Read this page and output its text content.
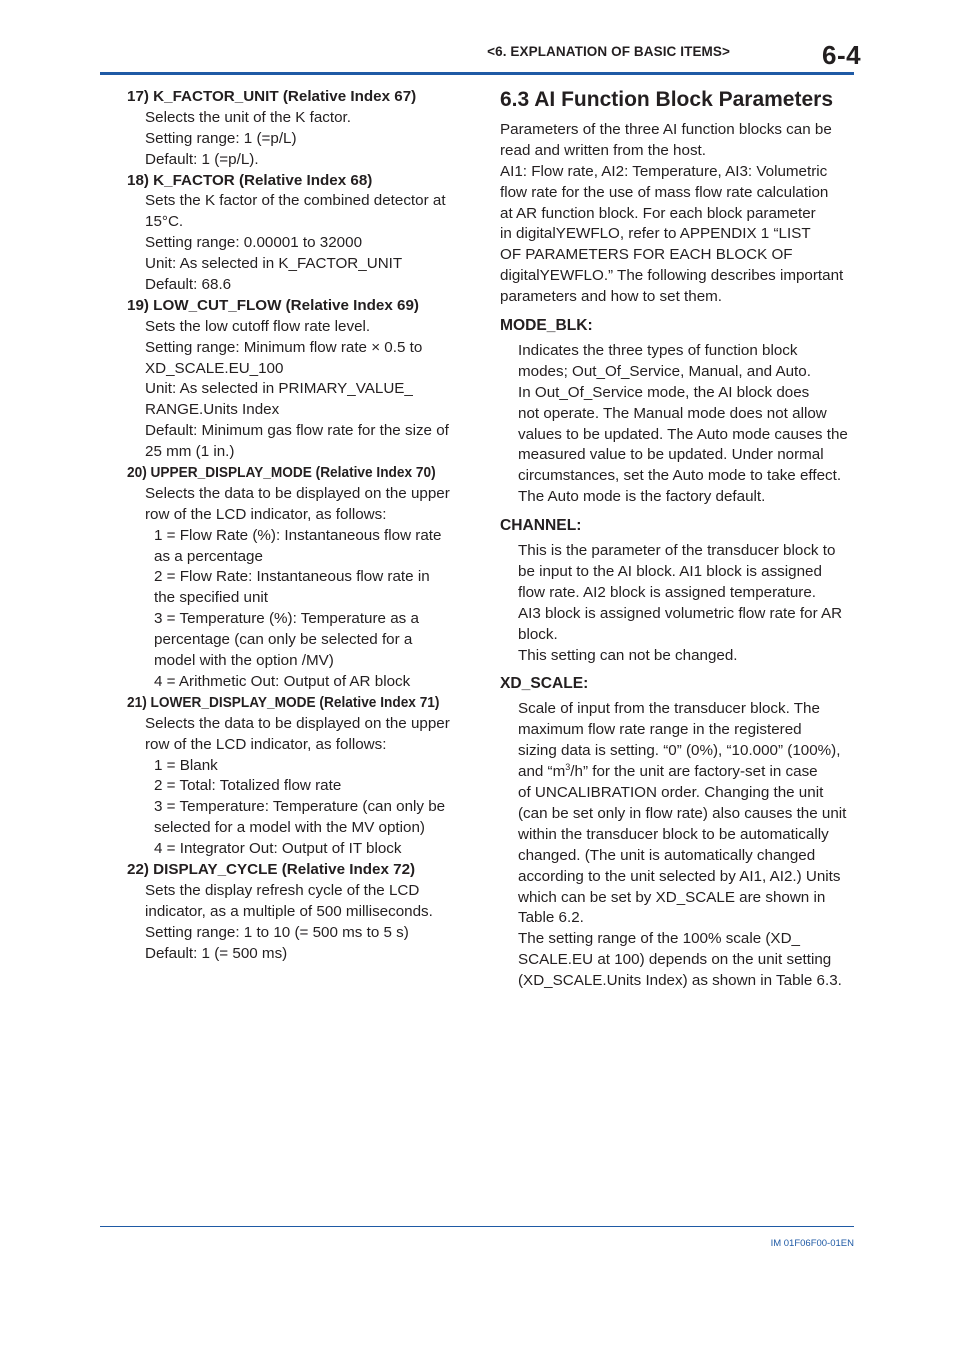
<6. EXPLANATION OF BASIC ITEMS>	6-4
17) K_FACTOR_UNIT (Relative Index 67)
Selects the unit of the K factor.
Setting range: 1 (=p/L)
Default: 1 (=p/L).
18) K_FACTOR (Relative Index 68)
Sets the K factor of the combined detector at
15°C.
Setting range: 0.00001 to 32000
Unit: As selected in K_FACTOR_UNIT
Default: 68.6
19) LOW_CUT_FLOW (Relative Index 69)
Sets the low cutoff flow rate level.
Setting range: Minimum flow rate × 0.5 to
XD_SCALE.EU_100
Unit: As selected in PRIMARY_VALUE_
RANGE.Units Index
Default: Minimum gas flow rate for the size of
25 mm (1 in.)
20) UPPER_DISPLAY_MODE (Relative Index 70)
Selects the data to be displayed on the upper
row of the LCD indicator, as follows:
1 = Flow Rate (%): Instantaneous flow rate
as a percentage
2 = Flow Rate: Instantaneous flow rate in
the specified unit
3 = Temperature (%): Temperature as a
percentage (can only be selected for a
model with the option /MV)
4 = Arithmetic Out: Output of AR block
21) LOWER_DISPLAY_MODE (Relative Index 71)
Selects the data to be displayed on the upper
row of the LCD indicator, as follows:
1 = Blank
2 = Total: Totalized flow rate
3 = Temperature: Temperature (can only be
selected for a model with the MV option)
4 = Integrator Out: Output of IT block
22) DISPLAY_CYCLE (Relative Index 72)
Sets the display refresh cycle of the LCD
indicator, as a multiple of 500 milliseconds.
Setting range: 1 to 10 (= 500 ms to 5 s)
Default: 1 (= 500 ms)
6.3 AI Function Block Parameters
Parameters of the three AI function blocks can be
read and written from the host.
AI1: Flow rate, AI2: Temperature, AI3: Volumetric
flow rate for the use of mass flow rate calculation
at AR function block. For each block parameter
in digitalYEWFLO, refer to APPENDIX 1 “LIST
OF PARAMETERS FOR EACH BLOCK OF
digitalYEWFLO.” The following describes important
parameters and how to set them.
MODE_BLK:
Indicates the three types of function block
modes; Out_Of_Service, Manual, and Auto.
In Out_Of_Service mode, the AI block does
not operate. The Manual mode does not allow
values to be updated. The Auto mode causes the
measured value to be updated. Under normal
circumstances, set the Auto mode to take effect.
The Auto mode is the factory default.
CHANNEL:
This is the parameter of the transducer block to
be input to the AI block. AI1 block is assigned
flow rate. AI2 block is assigned temperature.
AI3 block is assigned volumetric flow rate for AR
block.
This setting can not be changed.
XD_SCALE:
Scale of input from the transducer block. The
maximum flow rate range in the registered
sizing data is setting. “0” (0%), “10.000” (100%),
and “$m^3/h$” for the unit are factory-set in case
of UNCALIBRATION order. Changing the unit
(can be set only in flow rate) also causes the unit
within the transducer block to be automatically
changed. (The unit is automatically changed
according to the unit selected by AI1, AI2.) Units
which can be set by XD_SCALE are shown in
Table 6.2.
The setting range of the 100% scale (XD_
SCALE.EU at 100) depends on the unit setting
(XD_SCALE.Units Index) as shown in Table 6.3.
IM 01F06F00-01EN
